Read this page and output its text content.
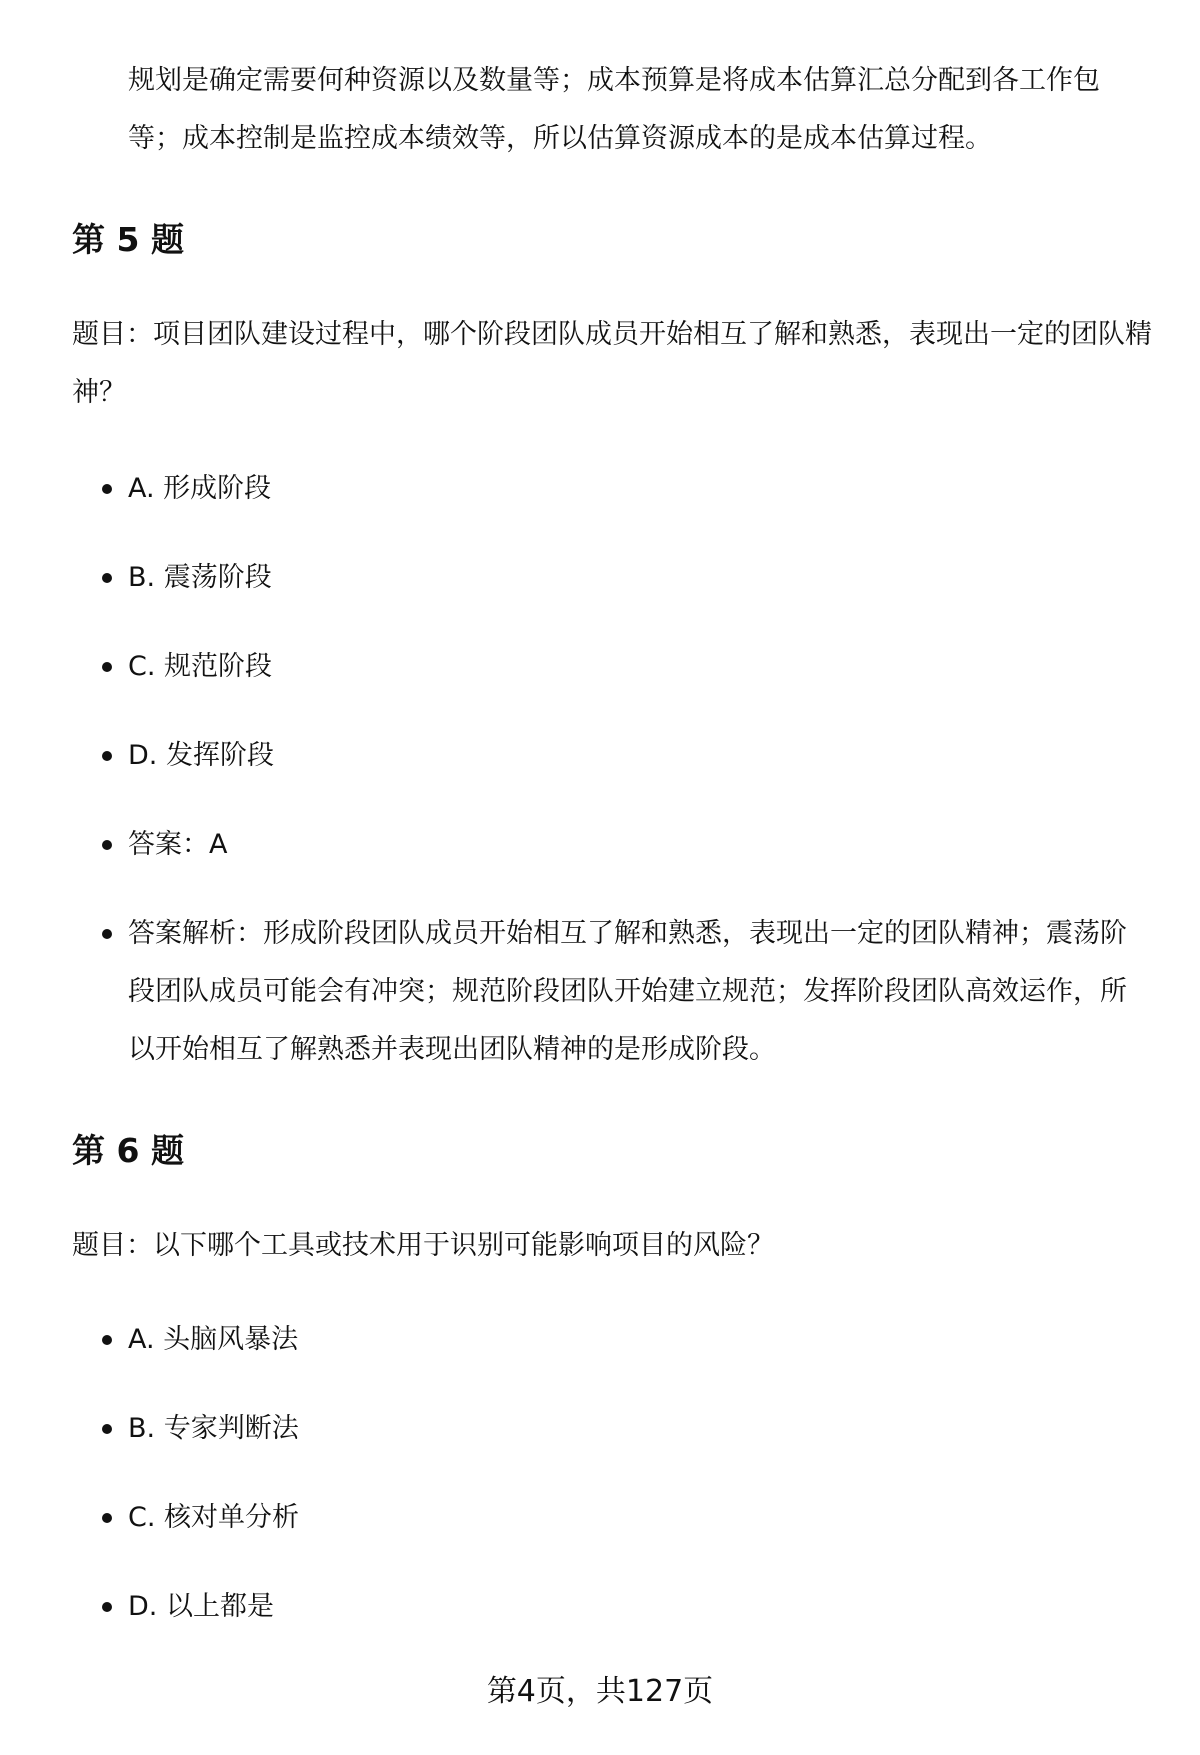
规划是确定需要何种资源以及数量等；成本预算是将成本估算汇总分配到各工作包等；成本控制是监控成本绩效等，所以估算资源成本的是成本估算过程。

第 5 题

题目：项目团队建设过程中，哪个阶段团队成员开始相互了解和熟悉，表现出一定的团队精神？

A. 形成阶段
B. 震荡阶段
C. 规范阶段
D. 发挥阶段
答案：A
答案解析：形成阶段团队成员开始相互了解和熟悉，表现出一定的团队精神；震荡阶段团队成员可能会有冲突；规范阶段团队开始建立规范；发挥阶段团队高效运作，所以开始相互了解熟悉并表现出团队精神的是形成阶段。
第 6 题

题目：以下哪个工具或技术用于识别可能影响项目的风险？

A. 头脑风暴法
B. 专家判断法
C. 核对单分析
D. 以上都是
第4页，共127页
